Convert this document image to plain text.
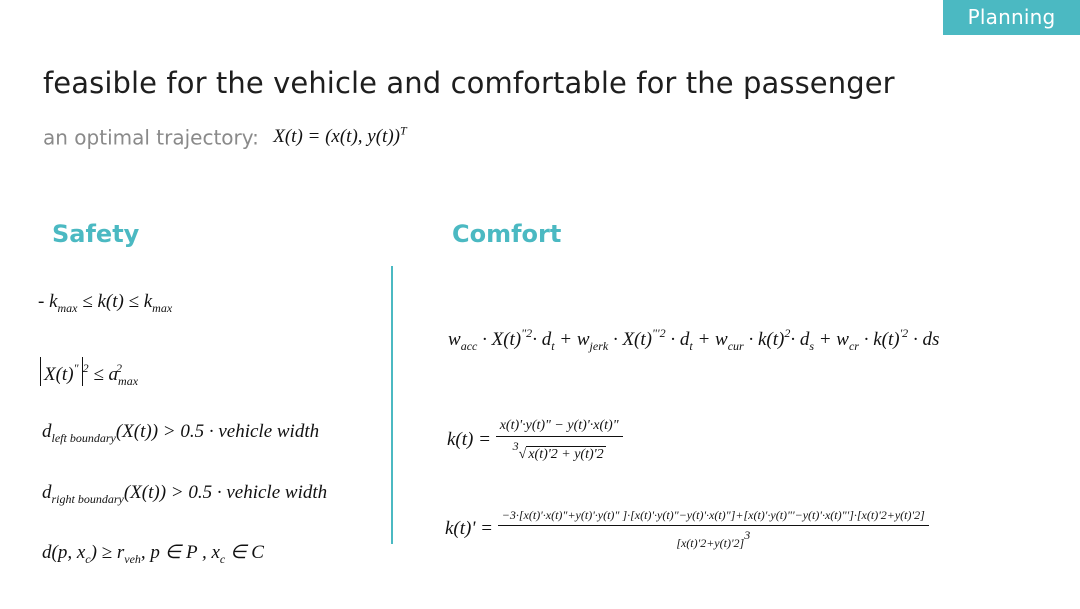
Planning
feasible for the vehicle and comfortable for the passenger
an optimal trajectory: X(t) = (x(t), y(t))$^T$
Safety	Comfort
- $k_{max} \le k(t) \le k_{max}$
X(t)" $^2 \le a_{max}^2$
$d_{left boundary}(X(t)) > 0.5$ · vehicle width
$d_{right boundary}(X(t)) > 0.5$ · vehicle width
d(p, $x_c) \ge r_{veh}$, p ∈ P , $x_c$ ∈ C
$w_{acc} \cdot X(t)^{"2}\cdot d_t + w_{jerk} \cdot X(t)^{"'2} \cdot d_t + w_{cur} \cdot k(t)^2\cdot d_s + w_{cr} \cdot k(t)^{'2}$ · ds
$k(t) = \frac{x(t)'\cdot y(t)" - y(t)'\cdot x(t)"}{^3√ x(t)'2 + y(t)'2}$
k(t)' =
−3·[x(t)'·x(t)"+y(t)'·y(t)" ]·[x(t)'·y(t)"−y(t)'·x(t)"]+[x(t)'·y(t)"'−y(t)'·x(t)"']·[x(t)'2+y(t)'2]
$[x(t)'2+y(t)'2]^3$
